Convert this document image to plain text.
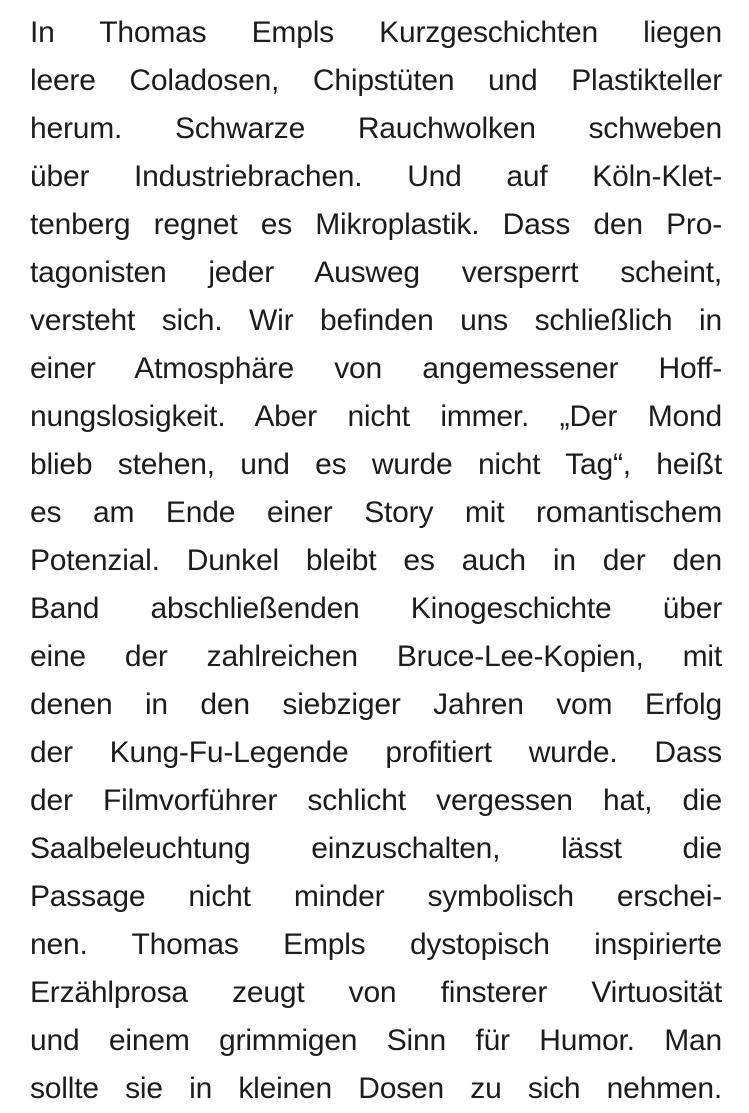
In Thomas Empls Kurzgeschichten liegen
leere Coladosen, Chipstüten und Plastikteller
herum. Schwarze Rauchwolken schweben
über Industriebrachen. Und auf Köln-Klet-
tenberg regnet es Mikroplastik. Dass den Pro-
tagonisten jeder Ausweg versperrt scheint,
versteht sich. Wir befinden uns schließlich in
einer Atmosphäre von angemessener Hoff-
nungslosigkeit. Aber nicht immer. „Der Mond
blieb stehen, und es wurde nicht Tag“, heißt
es am Ende einer Story mit romantischem
Potenzial. Dunkel bleibt es auch in der den
Band abschließenden Kinogeschichte über
eine der zahlreichen Bruce-Lee-Kopien, mit
denen in den siebziger Jahren vom Erfolg
der Kung-Fu-Legende profitiert wurde. Dass
der Filmvorführer schlicht vergessen hat, die
Saalbeleuchtung einzuschalten, lässt die
Passage nicht minder symbolisch erschei-
nen. Thomas Empls dystopisch inspirierte
Erzählprosa zeugt von finsterer Virtuosität
und einem grimmigen Sinn für Humor. Man
sollte sie in kleinen Dosen zu sich nehmen.
